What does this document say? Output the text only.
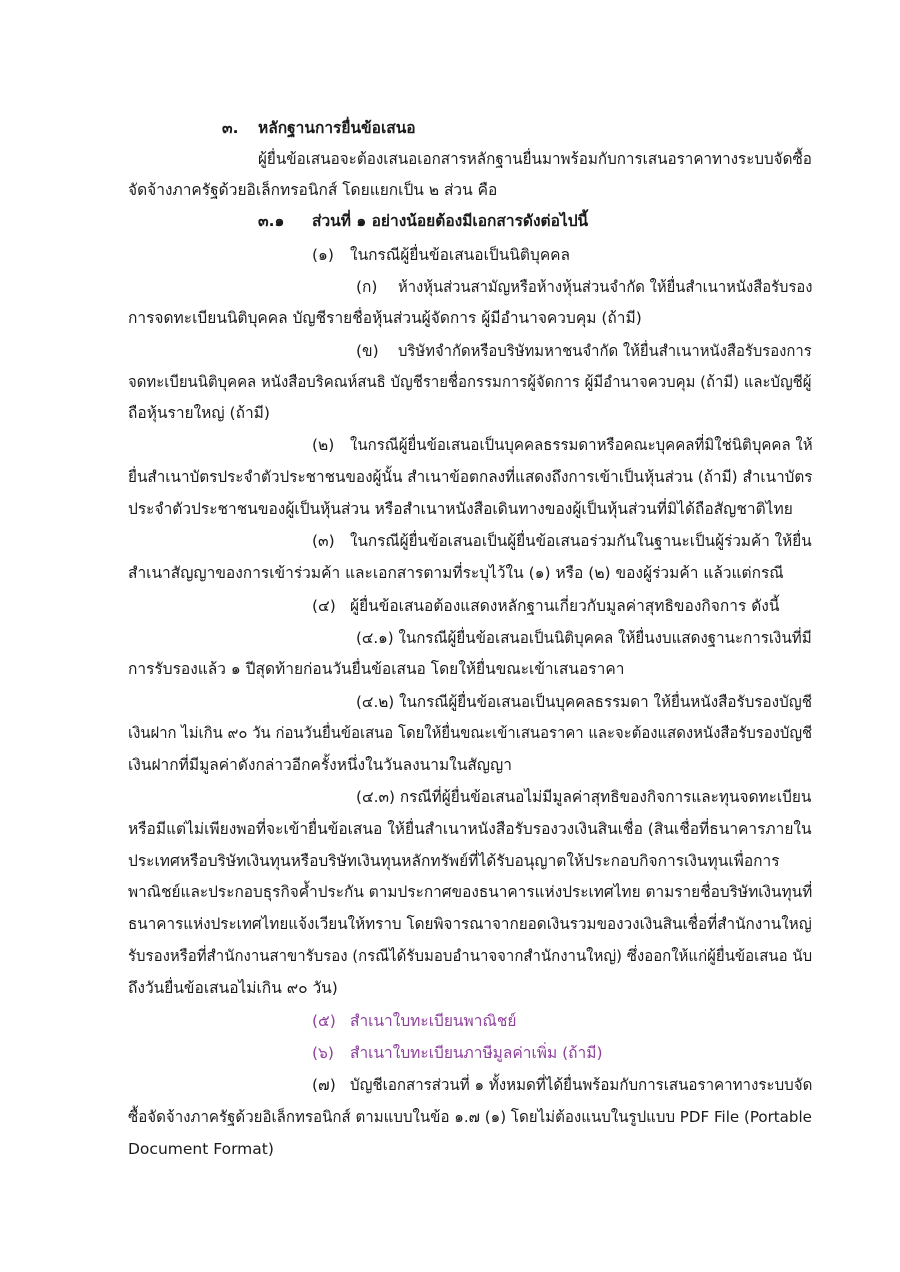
๓. หลักฐานการยื่นข้อเสนอ
ผู้ยื่นข้อเสนอจะต้องเสนอเอกสารหลักฐานยื่นมาพร้อมกับการเสนอราคาทางระบบจัดซื้อ
จัดจ้างภาครัฐด้วยอิเล็กทรอนิกส์ โดยแยกเป็น ๒ ส่วน คือ
๓.๑ ส่วนที่ ๑ อย่างน้อยต้องมีเอกสารดังต่อไปนี้
(๑) ในกรณีผู้ยื่นข้อเสนอเป็นนิติบุคคล
(ก) ห้างหุ้นส่วนสามัญหรือห้างหุ้นส่วนจำกัด ให้ยื่นสำเนาหนังสือรับรอง
การจดทะเบียนนิติบุคคล บัญชีรายชื่อหุ้นส่วนผู้จัดการ ผู้มีอำนาจควบคุม (ถ้ามี)
(ข) บริษัทจำกัดหรือบริษัทมหาชนจำกัด ให้ยื่นสำเนาหนังสือรับรองการ
จดทะเบียนนิติบุคคล หนังสือบริคณห์สนธิ บัญชีรายชื่อกรรมการผู้จัดการ ผู้มีอำนาจควบคุม (ถ้ามี) และบัญชีผู้
ถือหุ้นรายใหญ่ (ถ้ามี)
(๒) ในกรณีผู้ยื่นข้อเสนอเป็นบุคคลธรรมดาหรือคณะบุคคลที่มิใช่นิติบุคคล ให้
ยื่นสำเนาบัตรประจำตัวประชาชนของผู้นั้น สำเนาข้อตกลงที่แสดงถึงการเข้าเป็นหุ้นส่วน (ถ้ามี) สำเนาบัตร
ประจำตัวประชาชนของผู้เป็นหุ้นส่วน หรือสำเนาหนังสือเดินทางของผู้เป็นหุ้นส่วนที่มิได้ถือสัญชาติไทย
(๓) ในกรณีผู้ยื่นข้อเสนอเป็นผู้ยื่นข้อเสนอร่วมกันในฐานะเป็นผู้ร่วมค้า ให้ยื่น
สำเนาสัญญาของการเข้าร่วมค้า และเอกสารตามที่ระบุไว้ใน (๑) หรือ (๒) ของผู้ร่วมค้า แล้วแต่กรณี
(๔) ผู้ยื่นข้อเสนอต้องแสดงหลักฐานเกี่ยวกับมูลค่าสุทธิของกิจการ ดังนี้
(๔.๑) ในกรณีผู้ยื่นข้อเสนอเป็นนิติบุคคล ให้ยื่นงบแสดงฐานะการเงินที่มี
การรับรองแล้ว ๑ ปีสุดท้ายก่อนวันยื่นข้อเสนอ โดยให้ยื่นขณะเข้าเสนอราคา
(๔.๒) ในกรณีผู้ยื่นข้อเสนอเป็นบุคคลธรรมดา ให้ยื่นหนังสือรับรองบัญชี
เงินฝาก ไม่เกิน ๙๐ วัน ก่อนวันยื่นข้อเสนอ โดยให้ยื่นขณะเข้าเสนอราคา และจะต้องแสดงหนังสือรับรองบัญชี
เงินฝากที่มีมูลค่าดังกล่าวอีกครั้งหนึ่งในวันลงนามในสัญญา
(๔.๓) กรณีที่ผู้ยื่นข้อเสนอไม่มีมูลค่าสุทธิของกิจการและทุนจดทะเบียน
หรือมีแต่ไม่เพียงพอที่จะเข้ายื่นข้อเสนอ ให้ยื่นสำเนาหนังสือรับรองวงเงินสินเชื่อ (สินเชื่อที่ธนาคารภายใน
ประเทศหรือบริษัทเงินทุนหรือบริษัทเงินทุนหลักทรัพย์ที่ได้รับอนุญาตให้ประกอบกิจการเงินทุนเพื่อการ
พาณิชย์และประกอบธุรกิจค้ำประกัน ตามประกาศของธนาคารแห่งประเทศไทย ตามรายชื่อบริษัทเงินทุนที่
ธนาคารแห่งประเทศไทยแจ้งเวียนให้ทราบ โดยพิจารณาจากยอดเงินรวมของวงเงินสินเชื่อที่สำนักงานใหญ่
รับรองหรือที่สำนักงานสาขารับรอง (กรณีได้รับมอบอำนาจจากสำนักงานใหญ่) ซึ่งออกให้แก่ผู้ยื่นข้อเสนอ นับ
ถึงวันยื่นข้อเสนอไม่เกิน ๙๐ วัน)
(๕) สำเนาใบทะเบียนพาณิชย์
(๖) สำเนาใบทะเบียนภาษีมูลค่าเพิ่ม (ถ้ามี)
(๗) บัญชีเอกสารส่วนที่ ๑ ทั้งหมดที่ได้ยื่นพร้อมกับการเสนอราคาทางระบบจัด
ซื้อจัดจ้างภาครัฐด้วยอิเล็กทรอนิกส์ ตามแบบในข้อ ๑.๗ (๑) โดยไม่ต้องแนบในรูปแบบ PDF File (Portable
Document Format)
